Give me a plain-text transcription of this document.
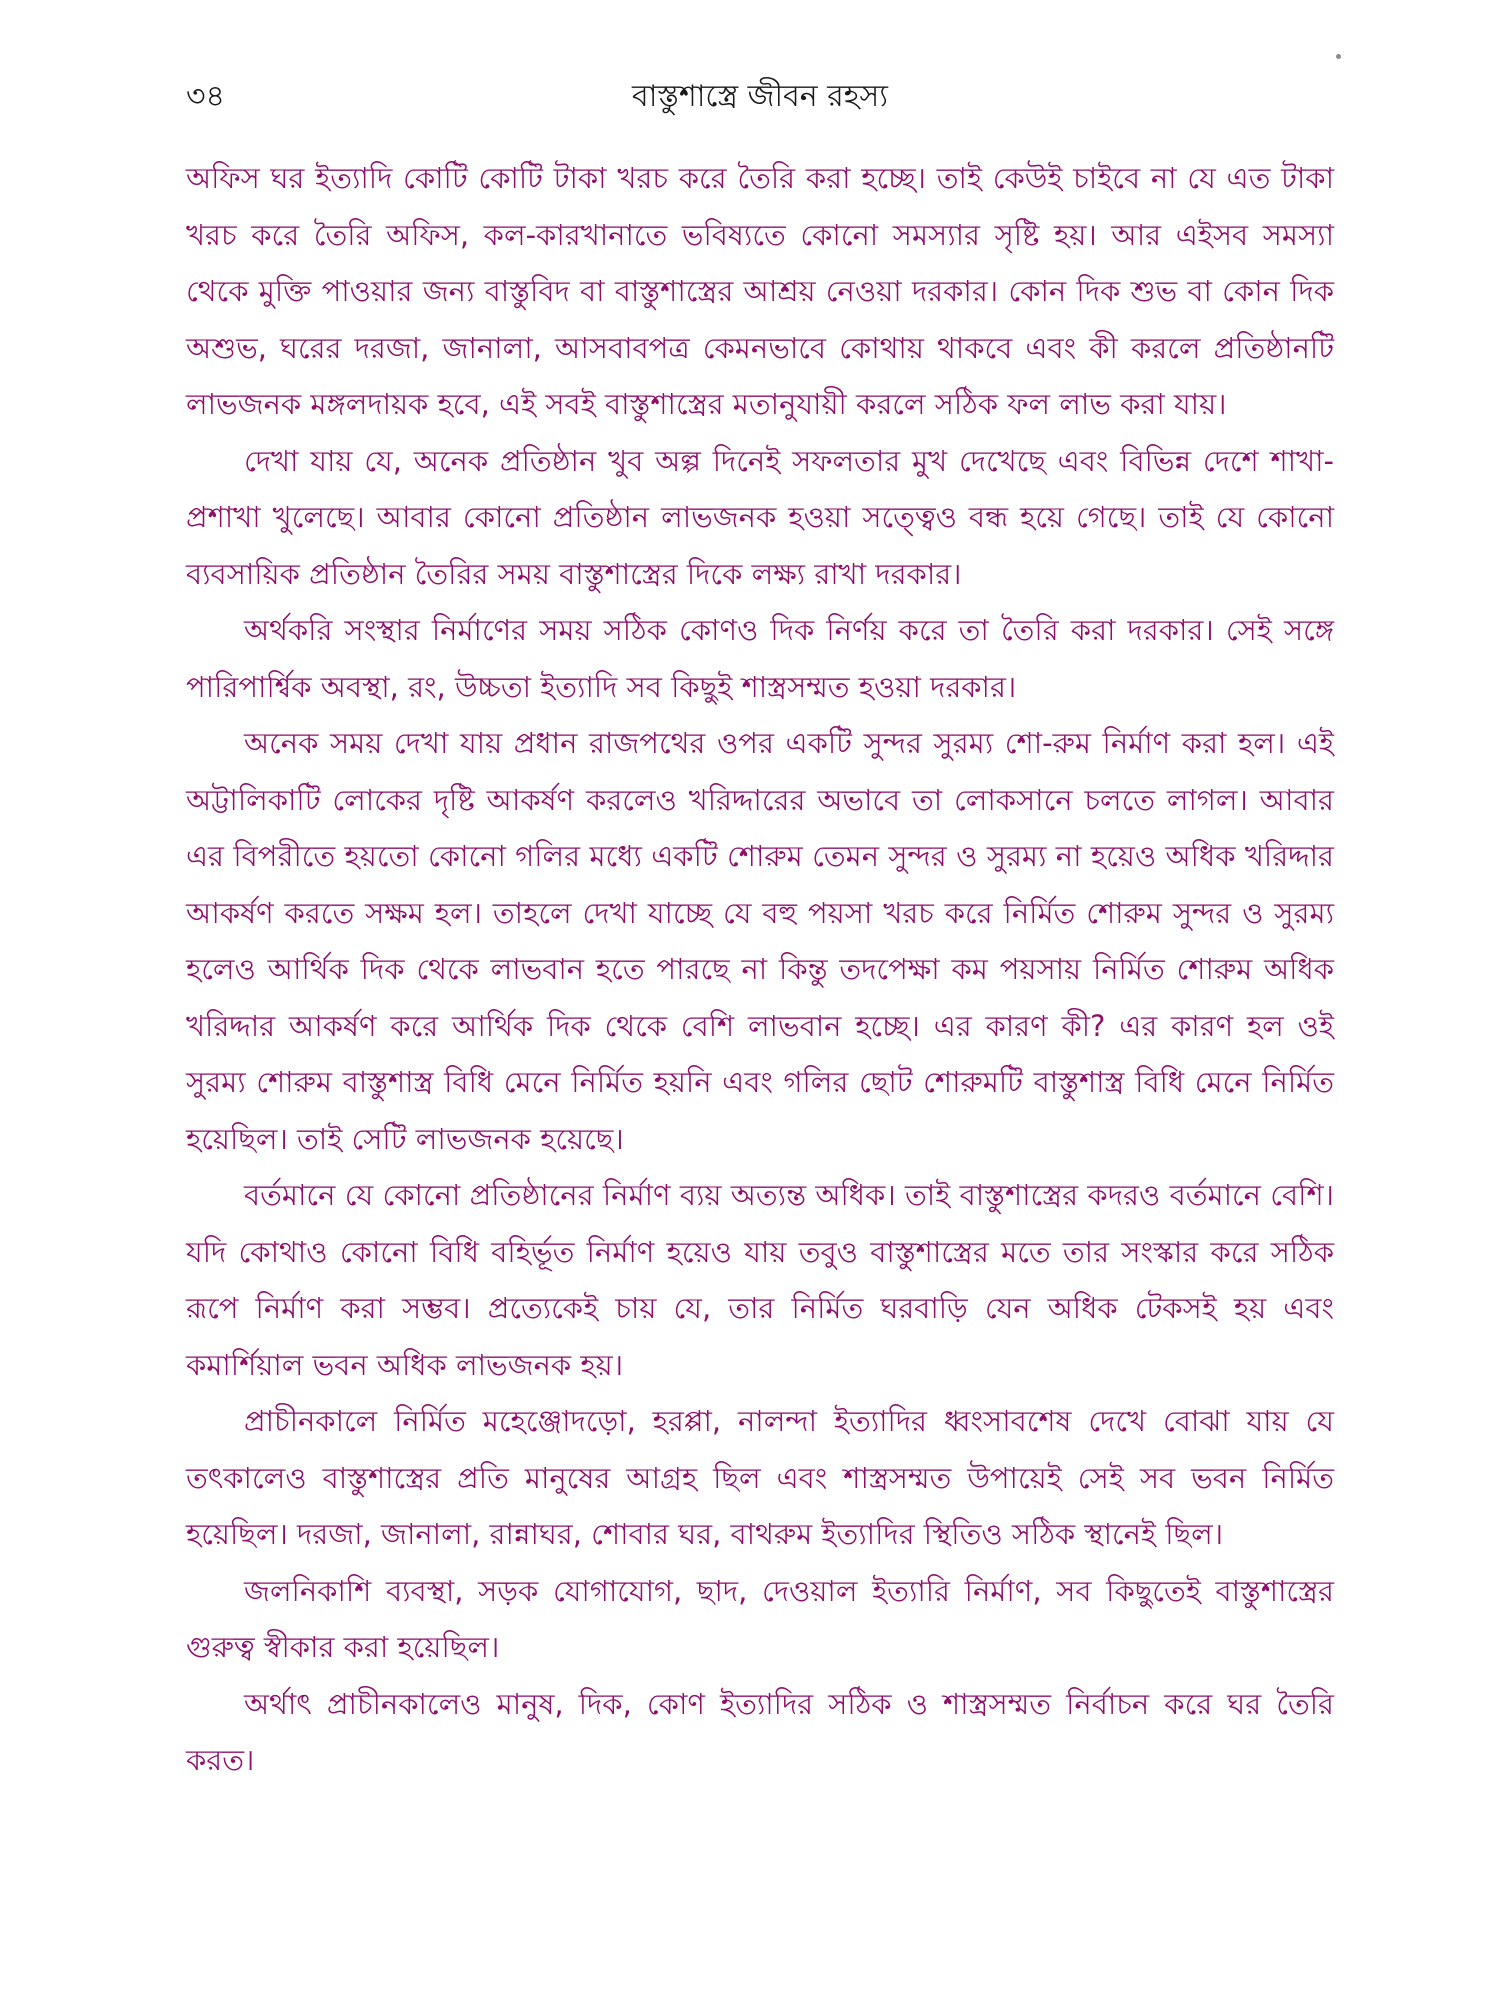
৩৪	বাস্তুশাস্ত্রে জীবন রহস্য

অফিস ঘর ইত্যাদি কোটি কোটি টাকা খরচ করে তৈরি করা হচ্ছে। তাই কেউই চাইবে না যে এত টাকা খরচ করে তৈরি অফিস, কল-কারখানাতে ভবিষ্যতে কোনো সমস্যার সৃষ্টি হয়। আর এইসব সমস্যা থেকে মুক্তি পাওয়ার জন্য বাস্তুবিদ বা বাস্তুশাস্ত্রের আশ্রয় নেওয়া দরকার। কোন দিক শুভ বা কোন দিক অশুভ, ঘরের দরজা, জানালা, আসবাবপত্র কেমনভাবে কোথায় থাকবে এবং কী করলে প্রতিষ্ঠানটি লাভজনক মঙ্গলদায়ক হবে, এই সবই বাস্তুশাস্ত্রের মতানুযায়ী করলে সঠিক ফল লাভ করা যায়।

দেখা যায় যে, অনেক প্রতিষ্ঠান খুব অল্প দিনেই সফলতার মুখ দেখেছে এবং বিভিন্ন দেশে শাখা-প্রশাখা খুলেছে। আবার কোনো প্রতিষ্ঠান লাভজনক হওয়া সত্ত্বেও বন্ধ হয়ে গেছে। তাই যে কোনো ব্যবসায়িক প্রতিষ্ঠান তৈরির সময় বাস্তুশাস্ত্রের দিকে লক্ষ্য রাখা দরকার।

অর্থকরি সংস্থার নির্মাণের সময় সঠিক কোণও দিক নির্ণয় করে তা তৈরি করা দরকার। সেই সঙ্গে পারিপার্শ্বিক অবস্থা, রং, উচ্চতা ইত্যাদি সব কিছুই শাস্ত্রসম্মত হওয়া দরকার।

অনেক সময় দেখা যায় প্রধান রাজপথের ওপর একটি সুন্দর সুরম্য শো-রুম নির্মাণ করা হল। এই অট্টালিকাটি লোকের দৃষ্টি আকর্ষণ করলেও খরিদ্দারের অভাবে তা লোকসানে চলতে লাগল। আবার এর বিপরীতে হয়তো কোনো গলির মধ্যে একটি শোরুম তেমন সুন্দর ও সুরম্য না হয়েও অধিক খরিদ্দার আকর্ষণ করতে সক্ষম হল। তাহলে দেখা যাচ্ছে যে বহু পয়সা খরচ করে নির্মিত শোরুম সুন্দর ও সুরম্য হলেও আর্থিক দিক থেকে লাভবান হতে পারছে না কিন্তু তদপেক্ষা কম পয়সায় নির্মিত শোরুম অধিক খরিদ্দার আকর্ষণ করে আর্থিক দিক থেকে বেশি লাভবান হচ্ছে। এর কারণ কী? এর কারণ হল ওই সুরম্য শোরুম বাস্তুশাস্ত্র বিধি মেনে নির্মিত হয়নি এবং গলির ছোট শোরুমটি বাস্তুশাস্ত্র বিধি মেনে নির্মিত হয়েছিল। তাই সেটি লাভজনক হয়েছে।

বর্তমানে যে কোনো প্রতিষ্ঠানের নির্মাণ ব্যয় অত্যন্ত অধিক। তাই বাস্তুশাস্ত্রের কদরও বর্তমানে বেশি। যদি কোথাও কোনো বিধি বহির্ভূত নির্মাণ হয়েও যায় তবুও বাস্তুশাস্ত্রের মতে তার সংস্কার করে সঠিক রূপে নির্মাণ করা সম্ভব। প্রত্যেকেই চায় যে, তার নির্মিত ঘরবাড়ি যেন অধিক টেকসই হয় এবং কমার্শিয়াল ভবন অধিক লাভজনক হয়।

প্রাচীনকালে নির্মিত মহেঞ্জোদড়ো, হরপ্পা, নালন্দা ইত্যাদির ধ্বংসাবশেষ দেখে বোঝা যায় যে তৎকালেও বাস্তুশাস্ত্রের প্রতি মানুষের আগ্রহ ছিল এবং শাস্ত্রসম্মত উপায়েই সেই সব ভবন নির্মিত হয়েছিল। দরজা, জানালা, রান্নাঘর, শোবার ঘর, বাথরুম ইত্যাদির স্থিতিও সঠিক স্থানেই ছিল।

জলনিকাশি ব্যবস্থা, সড়ক যোগাযোগ, ছাদ, দেওয়াল ইত্যারি নির্মাণ, সব কিছুতেই বাস্তুশাস্ত্রের গুরুত্ব স্বীকার করা হয়েছিল।

অর্থাৎ প্রাচীনকালেও মানুষ, দিক, কোণ ইত্যাদির সঠিক ও শাস্ত্রসম্মত নির্বাচন করে ঘর তৈরি করত।
